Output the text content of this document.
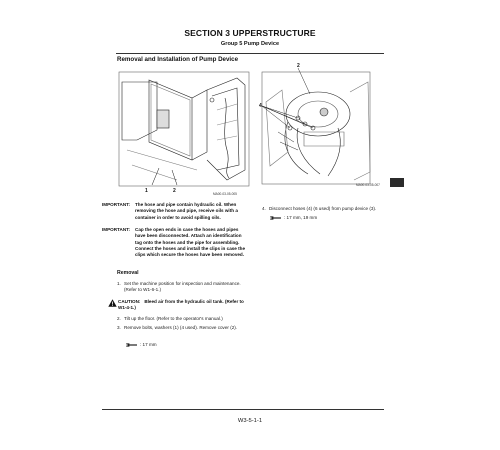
SECTION 3 UPPERSTRUCTURE
Group 5 Pump Device
Removal and Installation of Pump Device
MA00-03-05-005
1	2
MA00-03-05-007
2
4
IMPORTANT: The hose and pipe contain hydraulic oil. When removing the hose and pipe, receive oils with a container in order to avoid spilling oils.
IMPORTANT: Cap the open ends in case the hoses and pipes have been disconnected. Attach an identification tag onto the hoses and the pipe for assembling. Connect the hoses and install the clips in case the clips which secure the hoses have been removed.
Removal
1. Set the machine position for inspection and maintenance. (Refer to W1-6-1.)
CAUTION: Bleed air from the hydraulic oil tank. (Refer to W1-4-1.)
2. Tilt up the floor. (Refer to the operator's manual.)
3. Remove bolts, washers (1) (4 used). Remove cover (2).
: 17 mm
4. Disconnect hoses (4) (6 used) from pump device (3).
: 17 mm, 19 mm
W3-5-1-1
